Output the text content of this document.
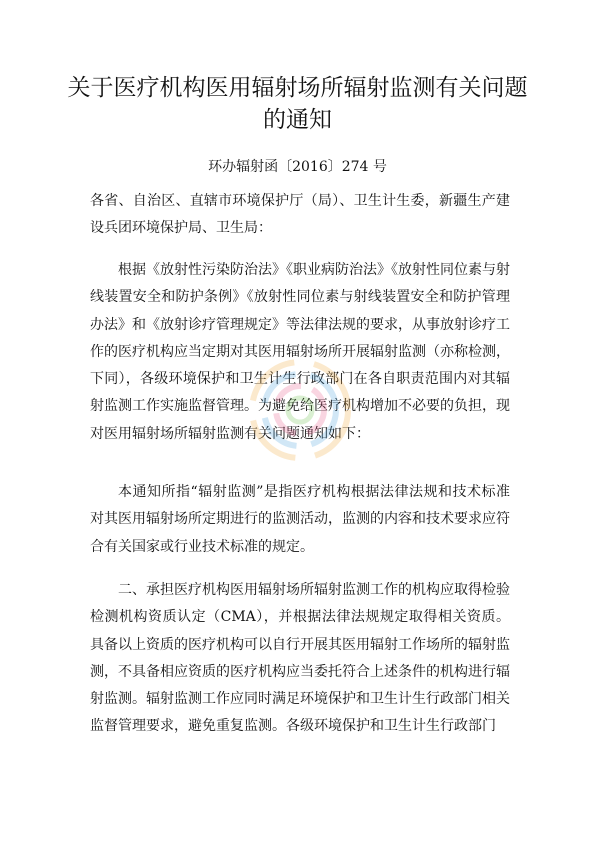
关于医疗机构医用辐射场所辐射监测有关问题的通知
环办辐射函〔2016〕274 号

各省、自治区、直辖市环境保护厅（局）、卫生计生委，新疆生产建设兵团环境保护局、卫生局：

根据《放射性污染防治法》《职业病防治法》《放射性同位素与射线装置安全和防护条例》《放射性同位素与射线装置安全和防护管理办法》和《放射诊疗管理规定》等法律法规的要求，从事放射诊疗工作的医疗机构应当定期对其医用辐射场所开展辐射监测（亦称检测，下同），各级环境保护和卫生计生行政部门在各自职责范围内对其辐射监测工作实施监督管理。为避免给医疗机构增加不必要的负担，现对医用辐射场所辐射监测有关问题通知如下：

本通知所指“辐射监测”是指医疗机构根据法律法规和技术标准对其医用辐射场所定期进行的监测活动，监测的内容和技术要求应符合有关国家或行业技术标准的规定。

二、承担医疗机构医用辐射场所辐射监测工作的机构应取得检验检测机构资质认定（CMA），并根据法律法规规定取得相关资质。具备以上资质的医疗机构可以自行开展其医用辐射工作场所的辐射监测，不具备相应资质的医疗机构应当委托符合上述条件的机构进行辐射监测。辐射监测工作应同时满足环境保护和卫生计生行政部门相关监督管理要求，避免重复监测。各级环境保护和卫生计生行政部门
